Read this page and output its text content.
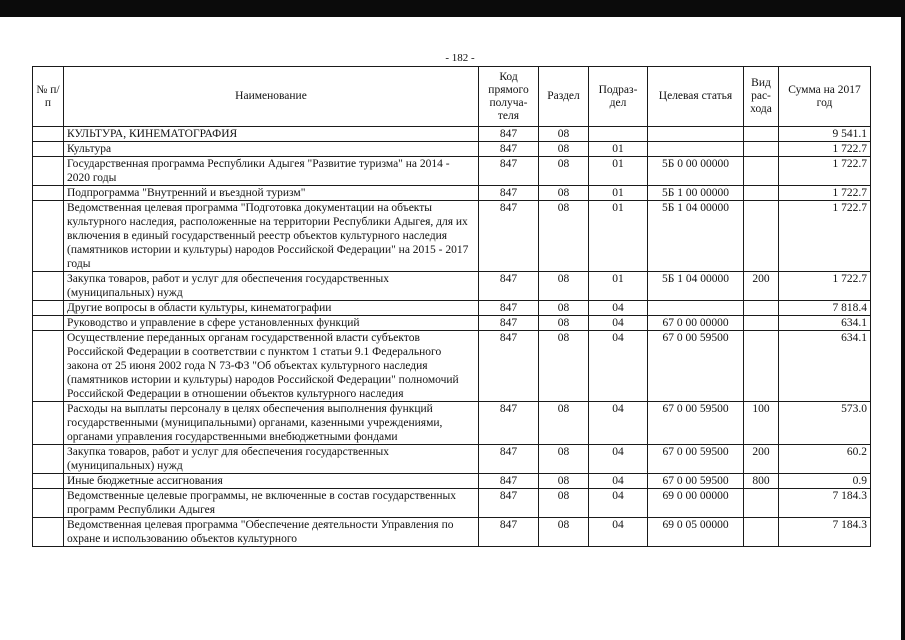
- 182 -
№ п/п	Наименование	Код прямого получа-теля	Раздел	Подраз-дел	Целевая статья	Вид рас-хода	Сумма на 2017 год
	КУЛЬТУРА, КИНЕМАТОГРАФИЯ	847	08				9 541.1
	Культура	847	08	01			1 722.7
	Государственная программа Республики Адыгея "Развитие туризма" на 2014 - 2020 годы	847	08	01	5Б 0 00 00000		1 722.7
	Подпрограмма "Внутренний и въездной туризм"	847	08	01	5Б 1 00 00000		1 722.7
	Ведомственная целевая программа "Подготовка документации на объекты культурного наследия, расположенные на территории Республики Адыгея, для их включения в единый государственный реестр объектов культурного наследия (памятников истории и культуры) народов Российской Федерации" на 2015 - 2017 годы	847	08	01	5Б 1 04 00000		1 722.7
	Закупка товаров, работ и услуг для обеспечения государственных (муниципальных) нужд	847	08	01	5Б 1 04 00000	200	1 722.7
	Другие вопросы в области культуры, кинематографии	847	08	04			7 818.4
	Руководство и управление в сфере установленных функций	847	08	04	67 0 00 00000		634.1
	Осуществление переданных органам государственной власти субъектов Российской Федерации в соответствии с пунктом 1 статьи 9.1 Федерального закона от 25 июня 2002 года N 73-ФЗ "Об объектах культурного наследия (памятников истории и культуры) народов Российской Федерации" полномочий Российской Федерации в отношении объектов культурного наследия	847	08	04	67 0 00 59500		634.1
	Расходы на выплаты персоналу в целях обеспечения выполнения функций государственными (муниципальными) органами, казенными учреждениями, органами управления государственными внебюджетными фондами	847	08	04	67 0 00 59500	100	573.0
	Закупка товаров, работ и услуг для обеспечения государственных (муниципальных) нужд	847	08	04	67 0 00 59500	200	60.2
	Иные бюджетные ассигнования	847	08	04	67 0 00 59500	800	0.9
	Ведомственные целевые программы, не включенные в состав государственных программ Республики Адыгея	847	08	04	69 0 00 00000		7 184.3
	Ведомственная целевая программа "Обеспечение деятельности Управления по охране и использованию объектов культурного	847	08	04	69 0 05 00000		7 184.3
